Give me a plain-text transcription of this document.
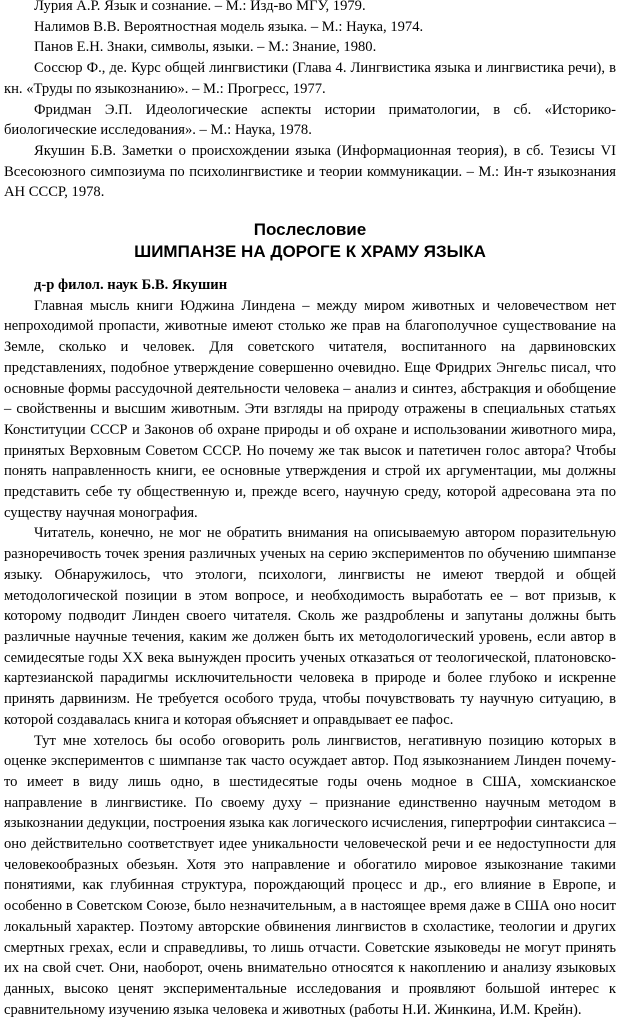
Лурия А.Р. Язык и сознание. – М.: Изд-во МГУ, 1979.

Налимов В.В. Вероятностная модель языка. – М.: Наука, 1974.

Панов Е.Н. Знаки, символы, языки. – М.: Знание, 1980.

Соссюр Ф., де. Курс общей лингвистики (Глава 4. Лингвистика языка и лингвистика речи), в кн. «Труды по языкознанию». – М.: Прогресс, 1977.

Фридман Э.П. Идеологические аспекты истории приматологии, в сб. «Историко-биологические исследования». – М.: Наука, 1978.

Якушин Б.В. Заметки о происхождении языка (Информационная теория), в сб. Тезисы VI Всесоюзного симпозиума по психолингвистике и теории коммуникации. – М.: Ин-т языкознания АН СССР, 1978.

Послесловие

ШИМПАНЗЕ НА ДОРОГЕ К ХРАМУ ЯЗЫКА

д-р филол. наук Б.В. Якушин

Главная мысль книги Юджина Линдена – между миром животных и человечеством нет непроходимой пропасти, животные имеют столько же прав на благополучное существование на Земле, сколько и человек. Для советского читателя, воспитанного на дарвиновских представлениях, подобное утверждение совершенно очевидно. Еще Фридрих Энгельс писал, что основные формы рассудочной деятельности человека – анализ и синтез, абстракция и обобщение – свойственны и высшим животным. Эти взгляды на природу отражены в специальных статьях Конституции СССР и Законов об охране природы и об охране и использовании животного мира, принятых Верховным Советом СССР. Но почему же так высок и патетичен голос автора? Чтобы понять направленность книги, ее основные утверждения и строй их аргументации, мы должны представить себе ту общественную и, прежде всего, научную среду, которой адресована эта по существу научная монография.

Читатель, конечно, не мог не обратить внимания на описываемую автором поразительную разноречивость точек зрения различных ученых на серию экспериментов по обучению шимпанзе языку. Обнаружилось, что этологи, психологи, лингвисты не имеют твердой и общей методологической позиции в этом вопросе, и необходимость выработать ее – вот призыв, к которому подводит Линден своего читателя. Сколь же раздроблены и запутаны должны быть различные научные течения, каким же должен быть их методологический уровень, если автор в семидесятые годы XX века вынужден просить ученых отказаться от теологической, платоновско-картезианской парадигмы исключительности человека в природе и более глубоко и искренне принять дарвинизм. Не требуется особого труда, чтобы почувствовать ту научную ситуацию, в которой создавалась книга и которая объясняет и оправдывает ее пафос.

Тут мне хотелось бы особо оговорить роль лингвистов, негативную позицию которых в оценке экспериментов с шимпанзе так часто осуждает автор. Под языкознанием Линден почему-то имеет в виду лишь одно, в шестидесятые годы очень модное в США, хомскианское направление в лингвистике. По своему духу – признание единственно научным методом в языкознании дедукции, построения языка как логического исчисления, гипертрофии синтаксиса – оно действительно соответствует идее уникальности человеческой речи и ее недоступности для человекообразных обезьян. Хотя это направление и обогатило мировое языкознание такими понятиями, как глубинная структура, порождающий процесс и др., его влияние в Европе, и особенно в Советском Союзе, было незначительным, а в настоящее время даже в США оно носит локальный характер. Поэтому авторские обвинения лингвистов в схоластике, теологии и других смертных грехах, если и справедливы, то лишь отчасти. Советские языковеды не могут принять их на свой счет. Они, наоборот, очень внимательно относятся к накоплению и анализу языковых данных, высоко ценят экспериментальные исследования и проявляют большой интерес к сравнительному изучению языка человека и животных (работы Н.И. Жинкина, И.М. Крейн).
